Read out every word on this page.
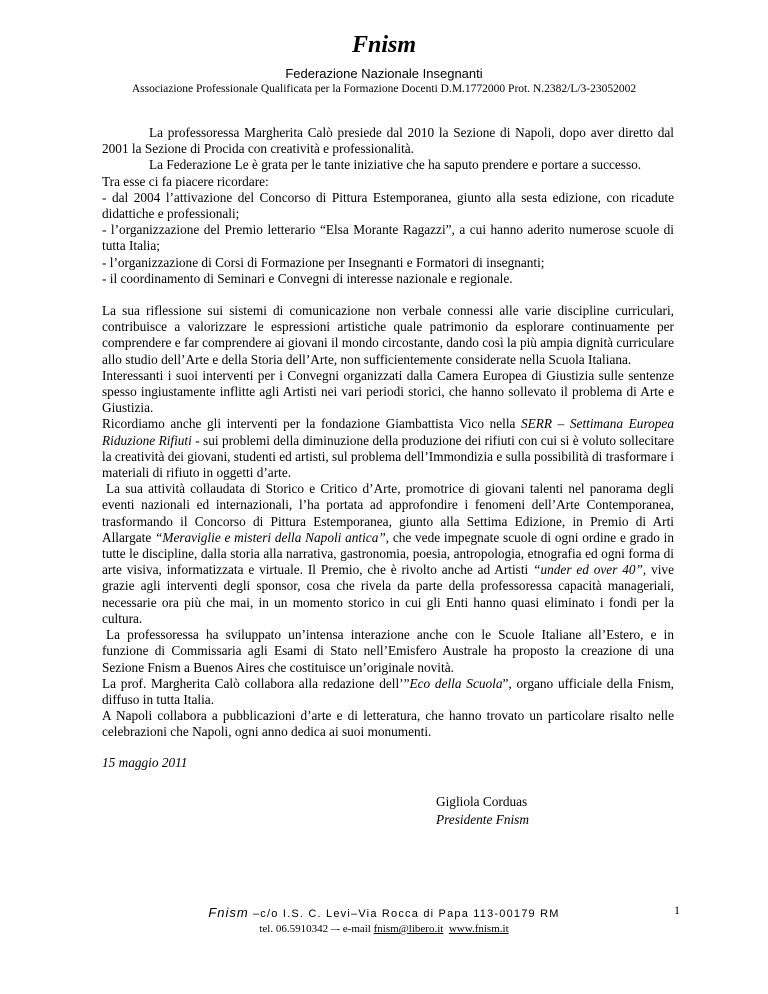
Fnism
Federazione Nazionale Insegnanti
Associazione Professionale Qualificata per la Formazione Docenti D.M.1772000 Prot. N.2382/L/3-23052002

La professoressa Margherita Calò presiede dal 2010 la Sezione di Napoli, dopo aver diretto dal 2001 la Sezione di Procida con creatività e professionalità.

La Federazione Le è grata per le tante iniziative che ha saputo prendere e portare a successo.

Tra esse ci fa piacere ricordare:

- dal 2004 l’attivazione del Concorso di Pittura Estemporanea, giunto alla sesta edizione, con ricadute didattiche e professionali;

- l’organizzazione del Premio letterario “Elsa Morante Ragazzi”, a cui hanno aderito numerose scuole di tutta Italia;

- l’organizzazione di Corsi di Formazione per Insegnanti e Formatori di insegnanti;

- il coordinamento di Seminari e Convegni di interesse nazionale e regionale.

La sua riflessione sui sistemi di comunicazione non verbale connessi alle varie discipline curriculari, contribuisce a valorizzare le espressioni artistiche quale patrimonio da esplorare continuamente per comprendere e far comprendere ai giovani il mondo circostante, dando così la più ampia dignità curriculare allo studio dell’Arte e della Storia dell’Arte, non sufficientemente considerate nella Scuola Italiana.

Interessanti i suoi interventi per i Convegni organizzati dalla Camera Europea di Giustizia sulle sentenze spesso ingiustamente inflitte agli Artisti nei vari periodi storici, che hanno sollevato il problema di Arte e Giustizia.

Ricordiamo anche gli interventi per la fondazione Giambattista Vico nella SERR – Settimana Europea Riduzione Rifiuti - sui problemi della diminuzione della produzione dei rifiuti con cui si è voluto sollecitare la creatività dei giovani, studenti ed artisti, sul problema dell’Immondizia e sulla possibilità di trasformare i materiali di rifiuto in oggetti d’arte.

La sua attività collaudata di Storico e Critico d’Arte, promotrice di giovani talenti nel panorama degli eventi nazionali ed internazionali, l’ha portata ad approfondire i fenomeni dell’Arte Contemporanea, trasformando il Concorso di Pittura Estemporanea, giunto alla Settima Edizione, in Premio di Arti Allargate “Meraviglie e misteri della Napoli antica”, che vede impegnate scuole di ogni ordine e grado in tutte le discipline, dalla storia alla narrativa, gastronomia, poesia, antropologia, etnografia ed ogni forma di arte visiva, informatizzata e virtuale. Il Premio, che è rivolto anche ad Artisti “under ed over 40”, vive grazie agli interventi degli sponsor, cosa che rivela da parte della professoressa capacità manageriali, necessarie ora più che mai, in un momento storico in cui gli Enti hanno quasi eliminato i fondi per la cultura.

La professoressa ha sviluppato un’intensa interazione anche con le Scuole Italiane all’Estero, e in funzione di Commissaria agli Esami di Stato nell’Emisfero Australe ha proposto la creazione di una Sezione Fnism a Buenos Aires che costituisce un’originale novità.

La prof. Margherita Calò collabora alla redazione dell’”Eco della Scuola”, organo ufficiale della Fnism, diffuso in tutta Italia.

A Napoli collabora a pubblicazioni d’arte e di letteratura, che hanno trovato un particolare risalto nelle celebrazioni che Napoli, ogni anno dedica ai suoi monumenti.

15 maggio 2011

Gigliola Corduas
Presidente Fnism
Fnism –c/o I.S. C. Levi–Via Rocca di Papa 113-00179 RM
tel. 06.5910342 –- e-mail fnism@libero.it www.fnism.it
1
